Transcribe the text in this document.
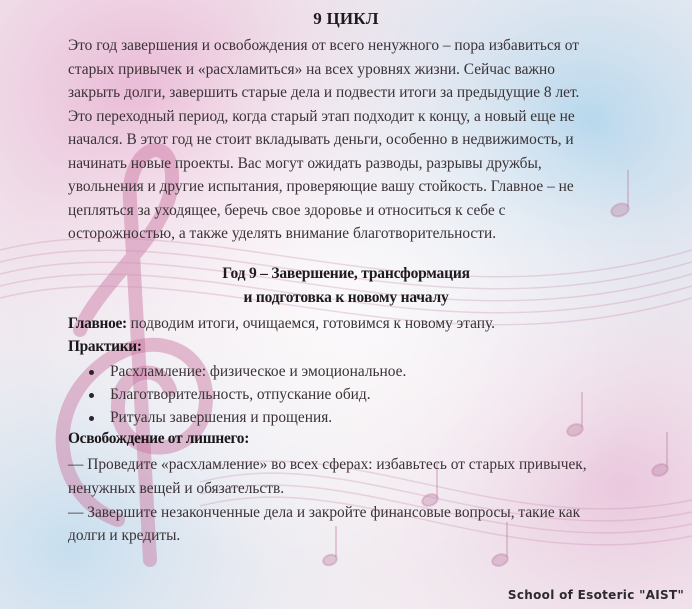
9 ЦИКЛ

Это год завершения и освобождения от всего ненужного – пора избавиться от

старых привычек и «расхламиться» на всех уровнях жизни. Сейчас важно

закрыть долги, завершить старые дела и подвести итоги за предыдущие 8 лет.

Это переходный период, когда старый этап подходит к концу, а новый еще не

начался. В этот год не стоит вкладывать деньги, особенно в недвижимость, и

начинать новые проекты. Вас могут ожидать разводы, разрывы дружбы,

увольнения и другие испытания, проверяющие вашу стойкость. Главное – не

цепляться за уходящее, беречь свое здоровье и относиться к себе с

осторожностью, а также уделять внимание благотворительности.

Год 9 – Завершение, трансформация
и подготовка к новому началу
Главное: подводим итоги, очищаемся, готовимся к новому этапу.
Практики:
Расхламление: физическое и эмоциональное.
Благотворительность, отпускание обид.
Ритуалы завершения и прощения.
Освобождение от лишнего:

— Проведите «расхламление» во всех сферах: избавьтесь от старых привычек,

ненужных вещей и обязательств.

— Завершите незаконченные дела и закройте финансовые вопросы, такие как

долги и кредиты.

School of Esoteric "AIST"
